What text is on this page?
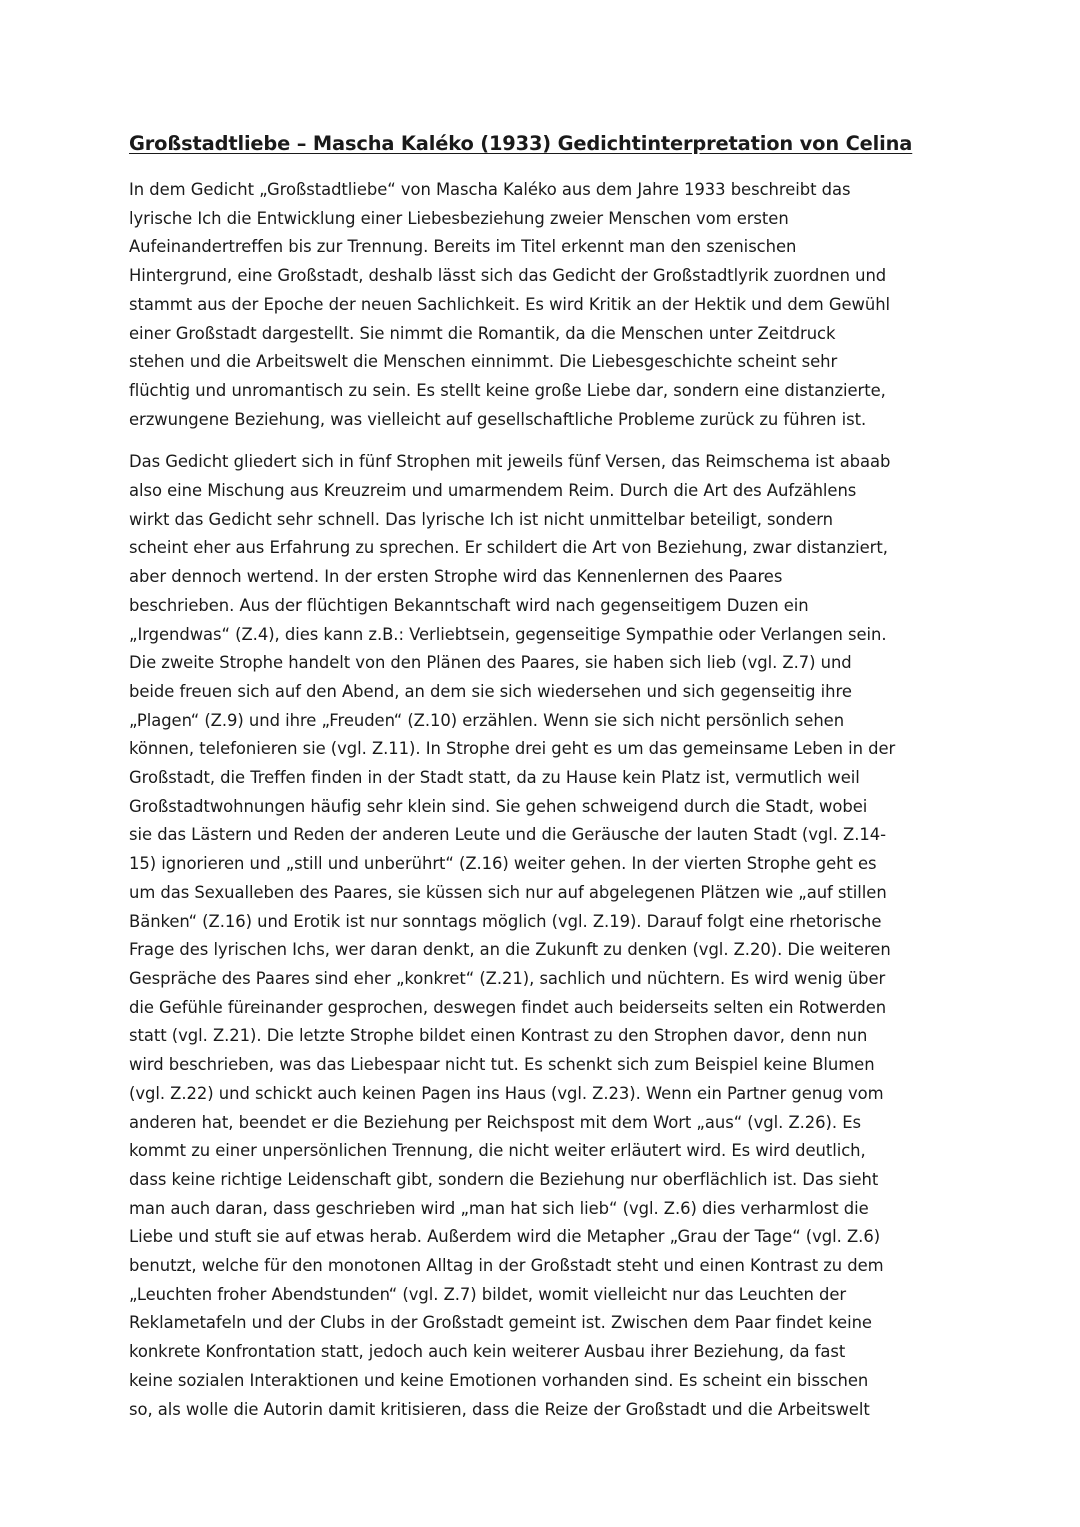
Großstadtliebe – Mascha Kaléko (1933) Gedichtinterpretation von Celina

In dem Gedicht „Großstadtliebe“ von Mascha Kaléko aus dem Jahre 1933 beschreibt das
lyrische Ich die Entwicklung einer Liebesbeziehung zweier Menschen vom ersten
Aufeinandertreffen bis zur Trennung. Bereits im Titel erkennt man den szenischen
Hintergrund, eine Großstadt, deshalb lässt sich das Gedicht der Großstadtlyrik zuordnen und
stammt aus der Epoche der neuen Sachlichkeit. Es wird Kritik an der Hektik und dem Gewühl
einer Großstadt dargestellt. Sie nimmt die Romantik, da die Menschen unter Zeitdruck
stehen und die Arbeitswelt die Menschen einnimmt. Die Liebesgeschichte scheint sehr
flüchtig und unromantisch zu sein. Es stellt keine große Liebe dar, sondern eine distanzierte,
erzwungene Beziehung, was vielleicht auf gesellschaftliche Probleme zurück zu führen ist.

Das Gedicht gliedert sich in fünf Strophen mit jeweils fünf Versen, das Reimschema ist abaab
also eine Mischung aus Kreuzreim und umarmendem Reim. Durch die Art des Aufzählens
wirkt das Gedicht sehr schnell. Das lyrische Ich ist nicht unmittelbar beteiligt, sondern
scheint eher aus Erfahrung zu sprechen. Er schildert die Art von Beziehung, zwar distanziert,
aber dennoch wertend. In der ersten Strophe wird das Kennenlernen des Paares
beschrieben. Aus der flüchtigen Bekanntschaft wird nach gegenseitigem Duzen ein
„Irgendwas“ (Z.4), dies kann z.B.: Verliebtsein, gegenseitige Sympathie oder Verlangen sein.
Die zweite Strophe handelt von den Plänen des Paares, sie haben sich lieb (vgl. Z.7) und
beide freuen sich auf den Abend, an dem sie sich wiedersehen und sich gegenseitig ihre
„Plagen“ (Z.9) und ihre „Freuden“ (Z.10) erzählen. Wenn sie sich nicht persönlich sehen
können, telefonieren sie (vgl. Z.11). In Strophe drei geht es um das gemeinsame Leben in der
Großstadt, die Treffen finden in der Stadt statt, da zu Hause kein Platz ist, vermutlich weil
Großstadtwohnungen häufig sehr klein sind. Sie gehen schweigend durch die Stadt, wobei
sie das Lästern und Reden der anderen Leute und die Geräusche der lauten Stadt (vgl. Z.14-
15) ignorieren und „still und unberührt“ (Z.16) weiter gehen. In der vierten Strophe geht es
um das Sexualleben des Paares, sie küssen sich nur auf abgelegenen Plätzen wie „auf stillen
Bänken“ (Z.16) und Erotik ist nur sonntags möglich (vgl. Z.19). Darauf folgt eine rhetorische
Frage des lyrischen Ichs, wer daran denkt, an die Zukunft zu denken (vgl. Z.20). Die weiteren
Gespräche des Paares sind eher „konkret“ (Z.21), sachlich und nüchtern. Es wird wenig über
die Gefühle füreinander gesprochen, deswegen findet auch beiderseits selten ein Rotwerden
statt (vgl. Z.21). Die letzte Strophe bildet einen Kontrast zu den Strophen davor, denn nun
wird beschrieben, was das Liebespaar nicht tut. Es schenkt sich zum Beispiel keine Blumen
(vgl. Z.22) und schickt auch keinen Pagen ins Haus (vgl. Z.23). Wenn ein Partner genug vom
anderen hat, beendet er die Beziehung per Reichspost mit dem Wort „aus“ (vgl. Z.26). Es
kommt zu einer unpersönlichen Trennung, die nicht weiter erläutert wird. Es wird deutlich,
dass keine richtige Leidenschaft gibt, sondern die Beziehung nur oberflächlich ist. Das sieht
man auch daran, dass geschrieben wird „man hat sich lieb“ (vgl. Z.6) dies verharmlost die
Liebe und stuft sie auf etwas herab. Außerdem wird die Metapher „Grau der Tage“ (vgl. Z.6)
benutzt, welche für den monotonen Alltag in der Großstadt steht und einen Kontrast zu dem
„Leuchten froher Abendstunden“ (vgl. Z.7) bildet, womit vielleicht nur das Leuchten der
Reklametafeln und der Clubs in der Großstadt gemeint ist. Zwischen dem Paar findet keine
konkrete Konfrontation statt, jedoch auch kein weiterer Ausbau ihrer Beziehung, da fast
keine sozialen Interaktionen und keine Emotionen vorhanden sind. Es scheint ein bisschen
so, als wolle die Autorin damit kritisieren, dass die Reize der Großstadt und die Arbeitswelt
